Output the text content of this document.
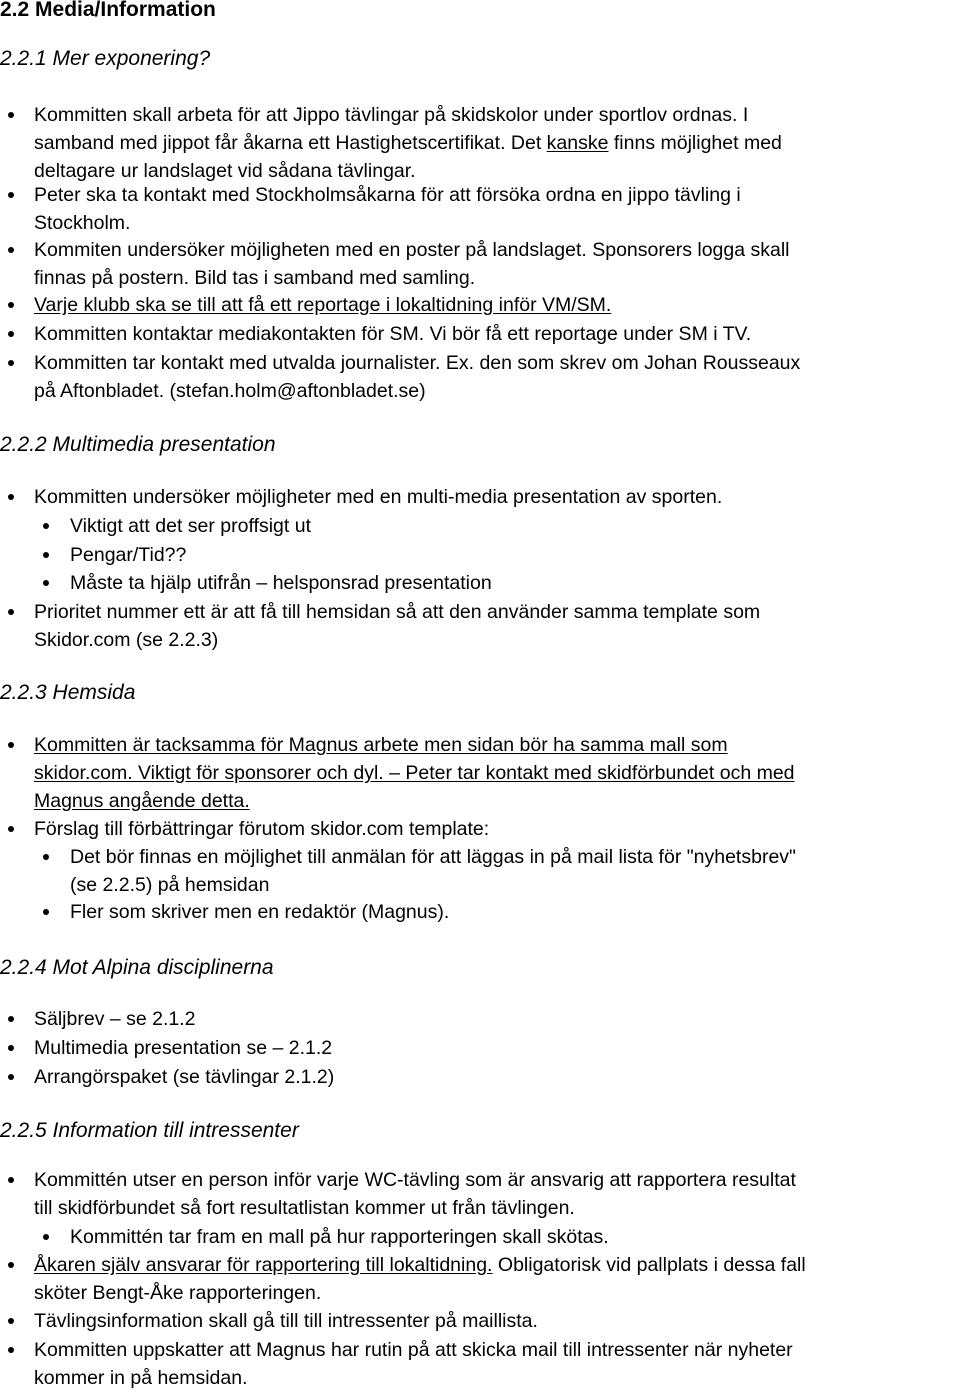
2.2 Media/Information
2.2.1 Mer exponering?
Kommitten skall arbeta för att Jippo tävlingar på skidskolor under sportlov ordnas. I
samband med jippot får åkarna ett Hastighetscertifikat. Det kanske finns möjlighet med
deltagare ur landslaget vid sådana tävlingar.
Peter ska ta kontakt med Stockholmsåkarna för att försöka ordna en jippo tävling i
Stockholm.
Kommiten undersöker möjligheten med en poster på landslaget. Sponsorers logga skall
finnas på postern. Bild tas i samband med samling.
Varje klubb ska se till att få ett reportage i lokaltidning inför VM/SM.
Kommitten kontaktar mediakontakten för SM. Vi bör få ett reportage under SM i TV.
Kommitten tar kontakt med utvalda journalister. Ex. den som skrev om Johan Rousseaux
på Aftonbladet. (stefan.holm@aftonbladet.se)
2.2.2 Multimedia presentation
Kommitten undersöker möjligheter med en multi-media presentation av sporten.
Viktigt att det ser proffsigt ut
Pengar/Tid??
Måste ta hjälp utifrån – helsponsrad presentation
Prioritet nummer ett är att få till hemsidan så att den använder samma template som
Skidor.com (se 2.2.3)
2.2.3 Hemsida
Kommitten är tacksamma för Magnus arbete men sidan bör ha samma mall som
skidor.com. Viktigt för sponsorer och dyl. – Peter tar kontakt med skidförbundet och med
Magnus angående detta.
Förslag till förbättringar förutom skidor.com template:
Det bör finnas en möjlighet till anmälan för att läggas in på mail lista för "nyhetsbrev"
(se 2.2.5) på hemsidan
Fler som skriver men en redaktör (Magnus).
2.2.4 Mot Alpina disciplinerna
Säljbrev – se 2.1.2
Multimedia presentation se – 2.1.2
Arrangörspaket (se tävlingar 2.1.2)
2.2.5 Information till intressenter
Kommittén utser en person inför varje WC-tävling som är ansvarig att rapportera resultat
till skidförbundet så fort resultatlistan kommer ut från tävlingen.
Kommittén tar fram en mall på hur rapporteringen skall skötas.
Åkaren själv ansvarar för rapportering till lokaltidning. Obligatorisk vid pallplats i dessa fall
sköter Bengt-Åke rapporteringen.
Tävlingsinformation skall gå till till intressenter på maillista.
Kommitten uppskatter att Magnus har rutin på att skicka mail till intressenter när nyheter
kommer in på hemsidan.
